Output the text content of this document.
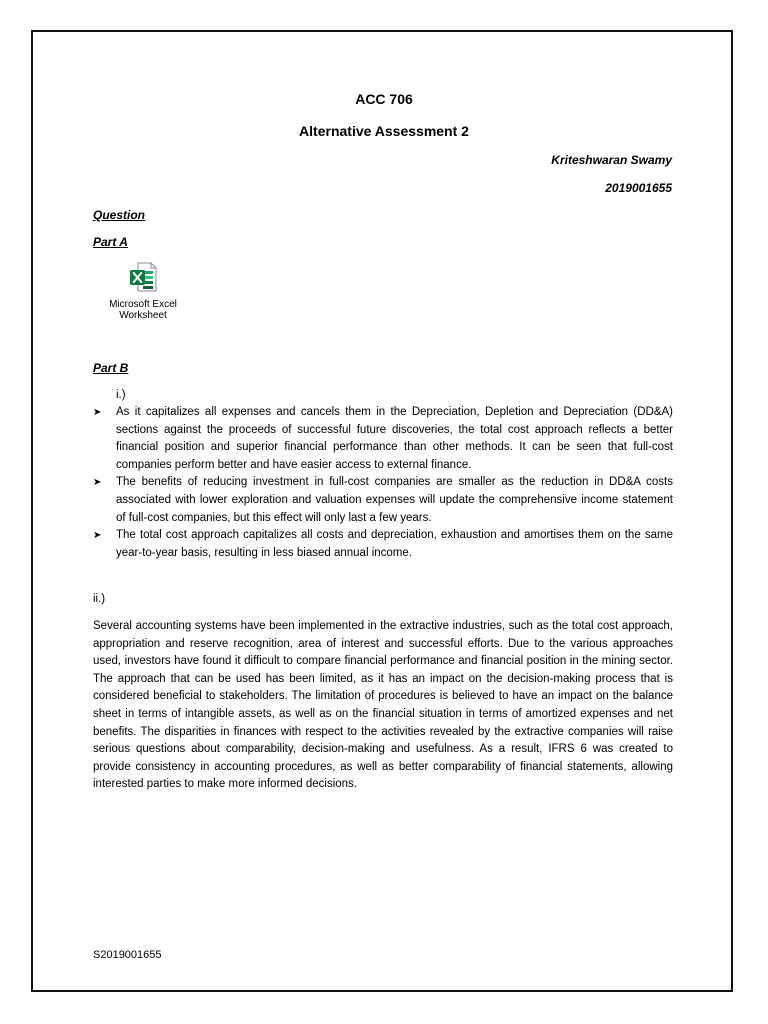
ACC 706
Alternative Assessment 2
Kriteshwaran Swamy
2019001655
Question
Part A
Microsoft Excel
Worksheet
Part B
i.)
➤	As it capitalizes all expenses and cancels them in the Depreciation, Depletion and Depreciation (DD&A) sections against the proceeds of successful future discoveries, the total cost approach reflects a better financial position and superior financial performance than other methods. It can be seen that full-cost companies perform better and have easier access to external finance.
➤	The benefits of reducing investment in full-cost companies are smaller as the reduction in DD&A costs associated with lower exploration and valuation expenses will update the comprehensive income statement of full-cost companies, but this effect will only last a few years.
➤	The total cost approach capitalizes all costs and depreciation, exhaustion and amortises them on the same year-to-year basis, resulting in less biased annual income.
ii.)
Several accounting systems have been implemented in the extractive industries, such as the total cost approach, appropriation and reserve recognition, area of interest and successful efforts. Due to the various approaches used, investors have found it difficult to compare financial performance and financial position in the mining sector. The approach that can be used has been limited, as it has an impact on the decision-making process that is considered beneficial to stakeholders. The limitation of procedures is believed to have an impact on the balance sheet in terms of intangible assets, as well as on the financial situation in terms of amortized expenses and net benefits. The disparities in finances with respect to the activities revealed by the extractive companies will raise serious questions about comparability, decision-making and usefulness. As a result, IFRS 6 was created to provide consistency in accounting procedures, as well as better comparability of financial statements, allowing interested parties to make more informed decisions.
S2019001655
